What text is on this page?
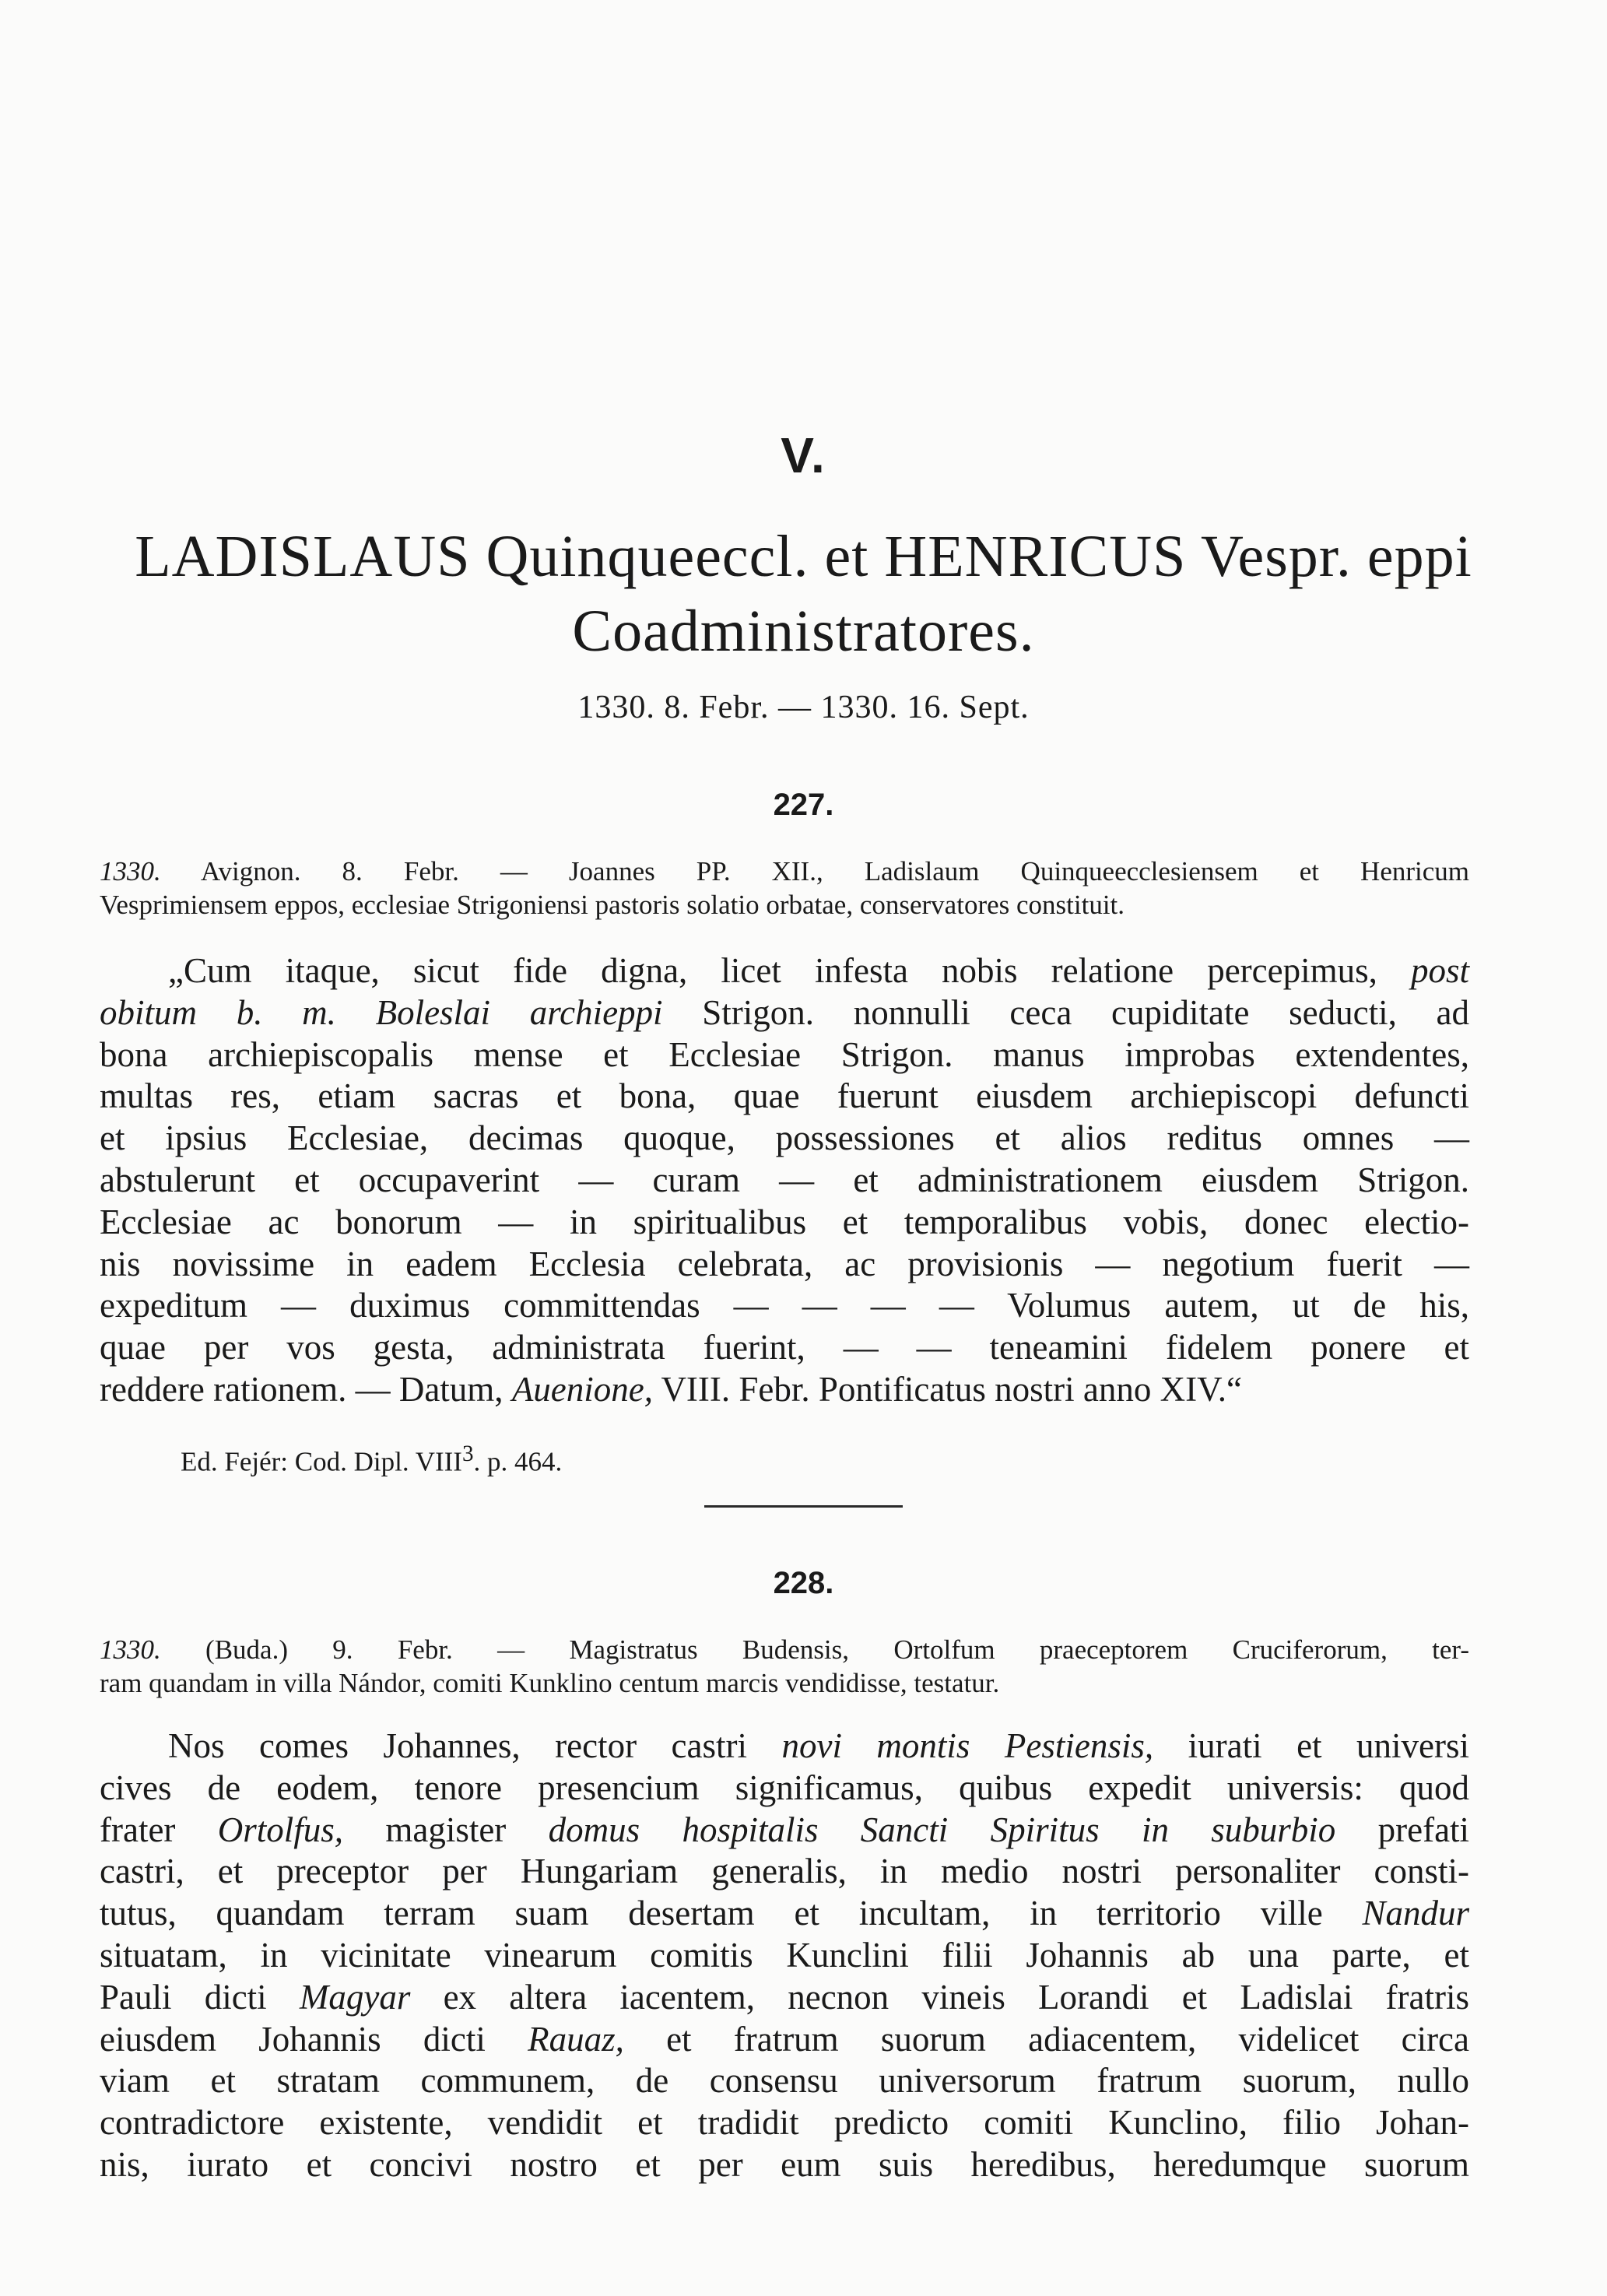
V.
LADISLAUS Quinqueeccl. et HENRICUS Vespr. eppi
Coadministratores.
1330. 8. Febr. — 1330. 16. Sept.
227.
1330. Avignon. 8. Febr. — Joannes PP. XII., Ladislaum Quinqueecclesiensem et Henricum
Vesprimiensem eppos, ecclesiae Strigoniensi pastoris solatio orbatae, conservatores constituit.
„Cum itaque, sicut fide digna, licet infesta nobis relatione percepimus, post
obitum b. m. Boleslai archieppi Strigon. nonnulli ceca cupiditate seducti, ad
bona archiepiscopalis mense et Ecclesiae Strigon. manus improbas extendentes,
multas res, etiam sacras et bona, quae fuerunt eiusdem archiepiscopi defuncti
et ipsius Ecclesiae, decimas quoque, possessiones et alios reditus omnes —
abstulerunt et occupaverint — curam — et administrationem eiusdem Strigon.
Ecclesiae ac bonorum — in spiritualibus et temporalibus vobis, donec electio-
nis novissime in eadem Ecclesia celebrata, ac provisionis — negotium fuerit —
expeditum — duximus committendas — — — — Volumus autem, ut de his,
quae per vos gesta, administrata fuerint, — — teneamini fidelem ponere et
reddere rationem. — Datum, Auenione, VIII. Febr. Pontificatus nostri anno XIV.“
Ed. Fejér: Cod. Dipl. VIII$^3$. p. 464.
228.
1330. (Buda.) 9. Febr. — Magistratus Budensis, Ortolfum praeceptorem Cruciferorum, ter-
ram quandam in villa Nándor, comiti Kunklino centum marcis vendidisse, testatur.
Nos comes Johannes, rector castri novi montis Pestiensis, iurati et universi
cives de eodem, tenore presencium significamus, quibus expedit universis: quod
frater Ortolfus, magister domus hospitalis Sancti Spiritus in suburbio prefati
castri, et preceptor per Hungariam generalis, in medio nostri personaliter consti-
tutus, quandam terram suam desertam et incultam, in territorio ville Nandur
situatam, in vicinitate vinearum comitis Kunclini filii Johannis ab una parte, et
Pauli dicti Magyar ex altera iacentem, necnon vineis Lorandi et Ladislai fratris
eiusdem Johannis dicti Rauaz, et fratrum suorum adiacentem, videlicet circa
viam et stratam communem, de consensu universorum fratrum suorum, nullo
contradictore existente, vendidit et tradidit predicto comiti Kunclino, filio Johan-
nis, iurato et concivi nostro et per eum suis heredibus, heredumque suorum
